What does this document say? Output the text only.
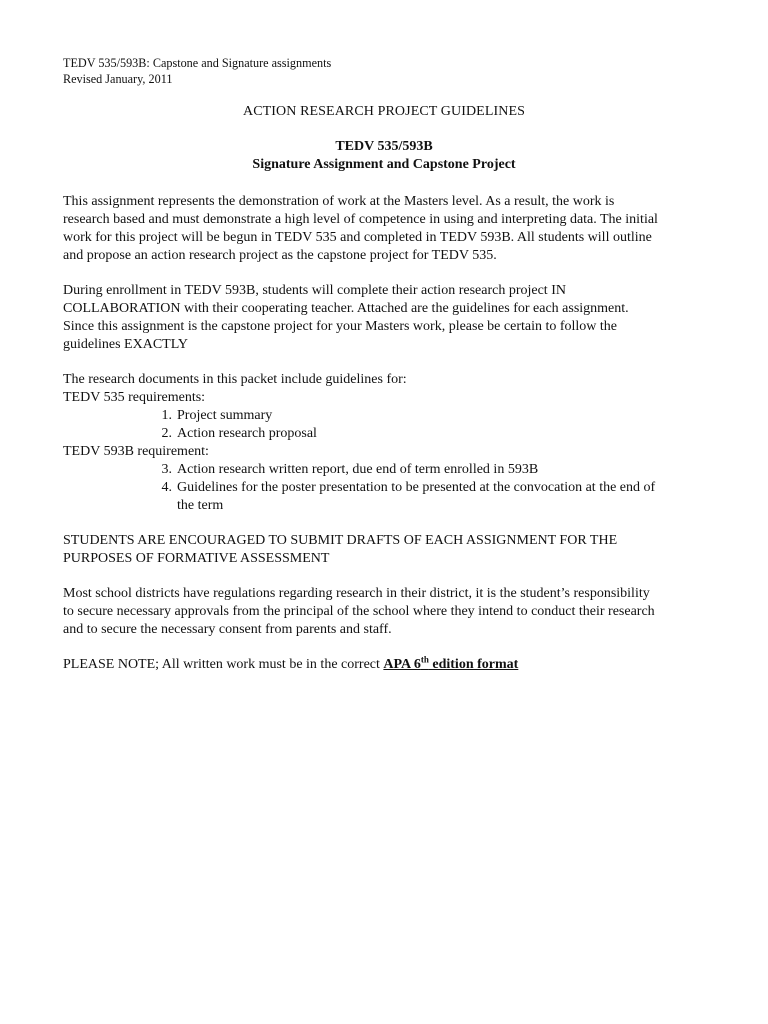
TEDV 535/593B: Capstone and Signature assignments
Revised January, 2011
ACTION RESEARCH PROJECT GUIDELINES
TEDV 535/593B
Signature Assignment and Capstone Project
This assignment represents the demonstration of work at the Masters level. As a result, the work is
research based and must demonstrate a high level of competence in using and interpreting data. The initial
work for this project will be begun in TEDV 535 and completed in TEDV 593B. All students will outline
and propose an action research project as the capstone project for TEDV 535.
During enrollment in TEDV 593B, students will complete their action research project IN
COLLABORATION with their cooperating teacher. Attached are the guidelines for each assignment.
Since this assignment is the capstone project for your Masters work, please be certain to follow the
guidelines EXACTLY
The research documents in this packet include guidelines for:
TEDV 535 requirements:
1. Project summary
2. Action research proposal
TEDV 593B requirement:
3. Action research written report, due end of term enrolled in 593B
4. Guidelines for the poster presentation to be presented at the convocation at the end of
the term
STUDENTS ARE ENCOURAGED TO SUBMIT DRAFTS OF EACH ASSIGNMENT FOR THE
PURPOSES OF FORMATIVE ASSESSMENT
Most school districts have regulations regarding research in their district, it is the student’s responsibility
to secure necessary approvals from the principal of the school where they intend to conduct their research
and to secure the necessary consent from parents and staff.
PLEASE NOTE; All written work must be in the correct APA 6th edition format
